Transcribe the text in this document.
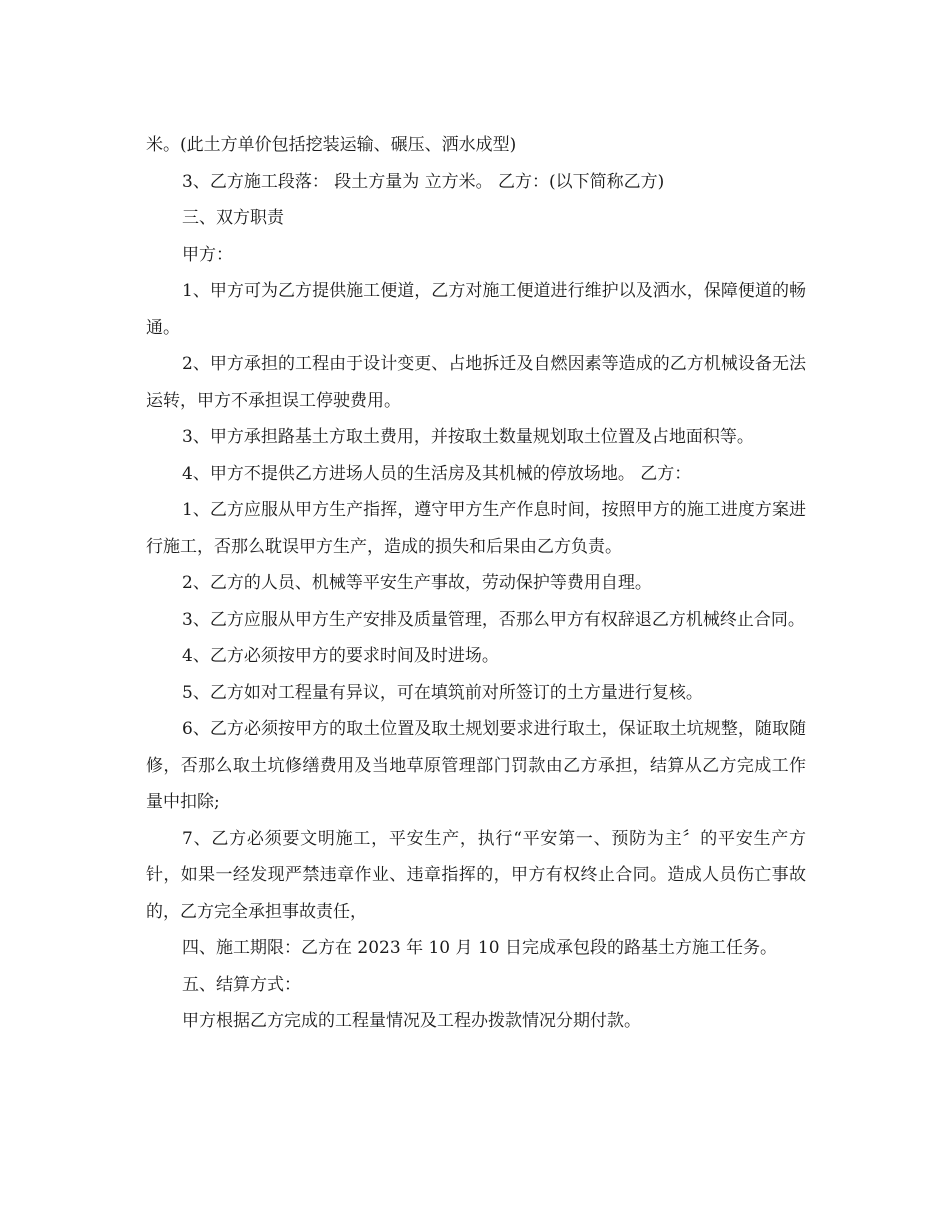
米。(此土方单价包括挖装运输、碾压、洒水成型)

3、乙方施工段落： 段土方量为 立方米。 乙方：(以下简称乙方)

三、双方职责

甲方：

1、甲方可为乙方提供施工便道，乙方对施工便道进行维护以及洒水，保障便道的畅通。

2、甲方承担的工程由于设计变更、占地拆迁及自燃因素等造成的乙方机械设备无法运转，甲方不承担误工停驶费用。

3、甲方承担路基土方取土费用，并按取土数量规划取土位置及占地面积等。

4、甲方不提供乙方进场人员的生活房及其机械的停放场地。 乙方：

1、乙方应服从甲方生产指挥，遵守甲方生产作息时间，按照甲方的施工进度方案进行施工，否那么耽误甲方生产，造成的损失和后果由乙方负责。

2、乙方的人员、机械等平安生产事故，劳动保护等费用自理。

3、乙方应服从甲方生产安排及质量管理，否那么甲方有权辞退乙方机械终止合同。

4、乙方必须按甲方的要求时间及时进场。

5、乙方如对工程量有异议，可在填筑前对所签订的土方量进行复核。

6、乙方必须按甲方的取土位置及取土规划要求进行取土，保证取土坑规整，随取随修，否那么取土坑修缮费用及当地草原管理部门罚款由乙方承担，结算从乙方完成工作量中扣除;

7、乙方必须要文明施工，平安生产，执行“平安第一、预防为主〞的平安生产方针，如果一经发现严禁违章作业、违章指挥的，甲方有权终止合同。造成人员伤亡事故的，乙方完全承担事故责任，

四、施工期限：乙方在 2023 年 10 月 10 日完成承包段的路基土方施工任务。

五、结算方式：

甲方根据乙方完成的工程量情况及工程办拨款情况分期付款。
